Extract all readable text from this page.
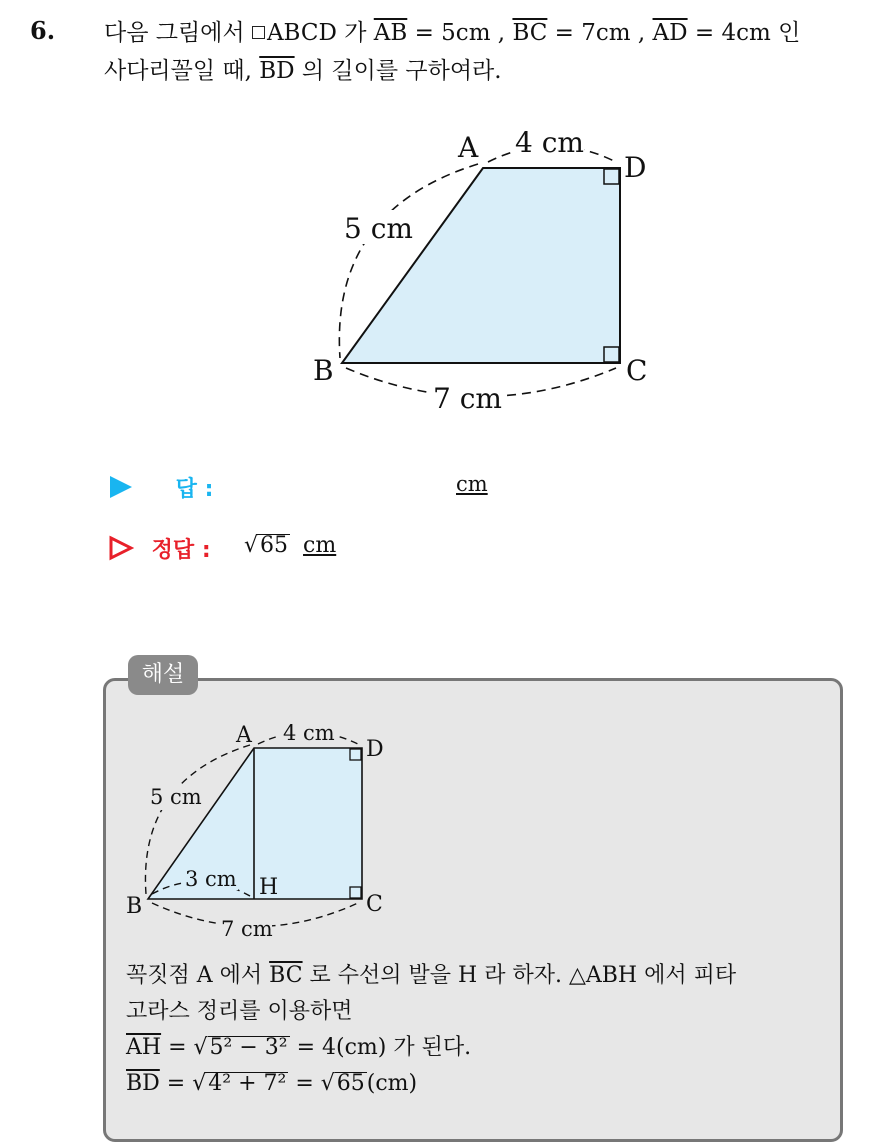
6. 다음 그림에서 ABCD 가 $\overline{AB} = 5cm$ , $\overline{BC} = 7cm$ , $\overline{AD} = 4cm$ 인
사다리꼴일 때, $\overline{BD}$ 의 길이를 구하여라.
A
D
B	C
4 cm
5 cm
7 cm
답 :	cm
정답 : √65 cm
해설
A
D
B	C
H
4 cm
5 cm
3 cm
7 cm
꼭짓점 A 에서 $\overline{BC}$ 로 수선의 발을 H 라 하자. △ABH 에서 피타
고라스 정리를 이용하면
$\overline{AH} = √5^2 - 3^2 = 4(cm)$ 가 된다.
$\overline{BD} = √4^2 + 7^2 = √65(cm)$
